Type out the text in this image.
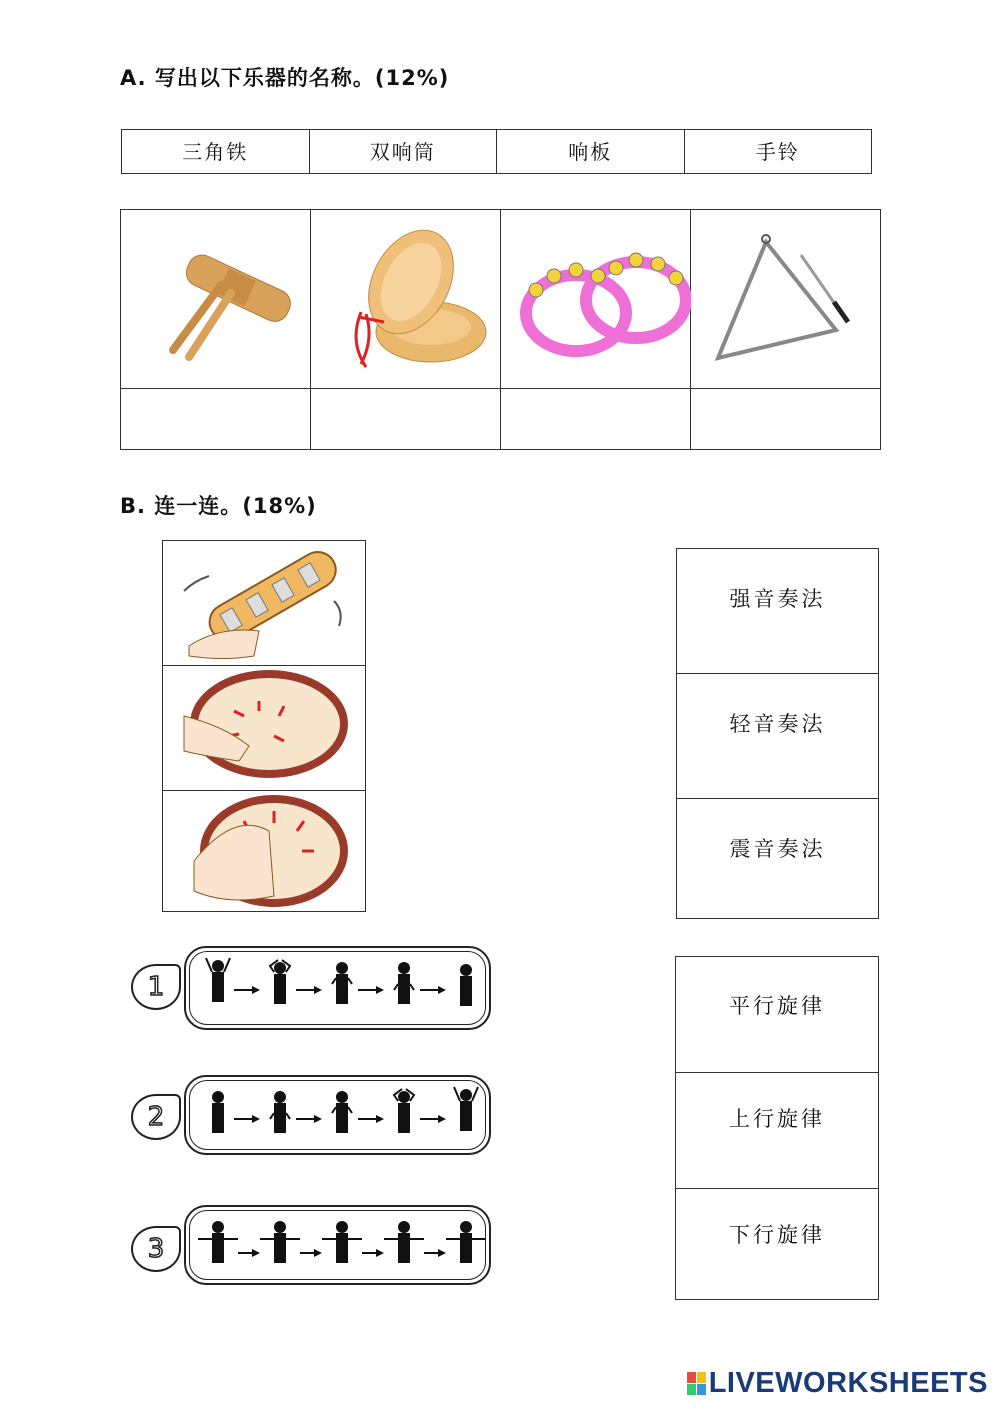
A. 写出以下乐器的名称。(12%)
三角铁	双响筒	响板	手铃
B. 连一连。(18%)
强音奏法
轻音奏法
震音奏法
1
2
3
平行旋律
上行旋律
下行旋律
LIVEWORKSHEETS
